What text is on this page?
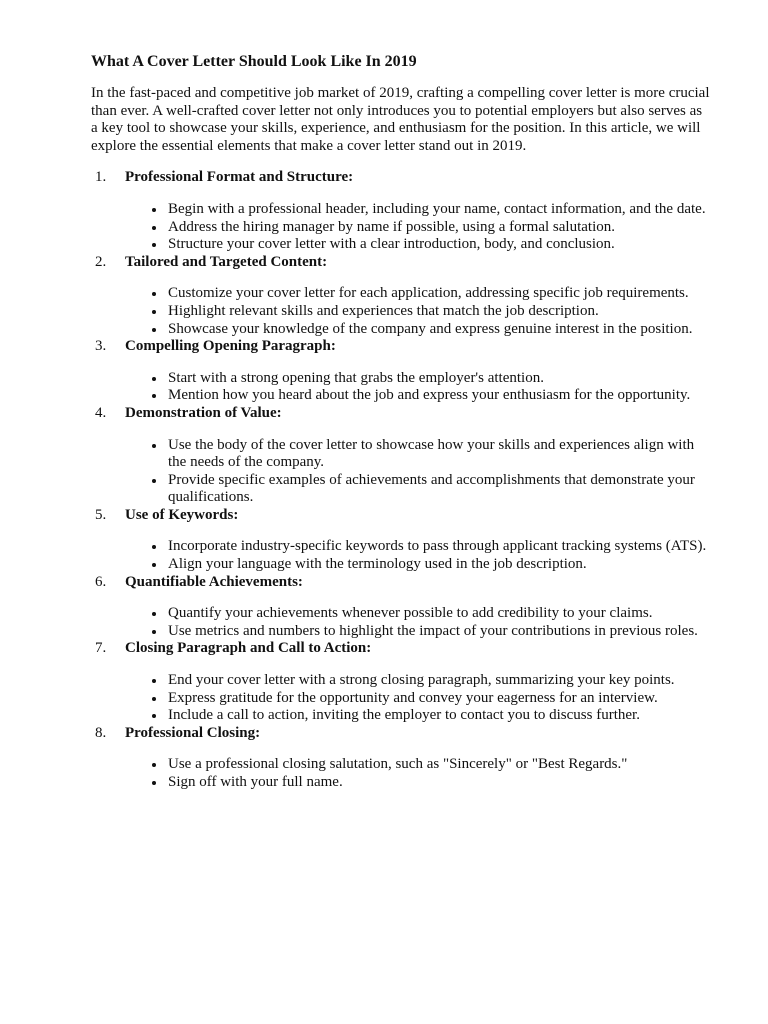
What A Cover Letter Should Look Like In 2019

In the fast-paced and competitive job market of 2019, crafting a compelling cover letter is more crucial than ever. A well-crafted cover letter not only introduces you to potential employers but also serves as a key tool to showcase your skills, experience, and enthusiasm for the position. In this article, we will explore the essential elements that make a cover letter stand out in 2019.

1. Professional Format and Structure:
• Begin with a professional header, including your name, contact information, and the date.
• Address the hiring manager by name if possible, using a formal salutation.
• Structure your cover letter with a clear introduction, body, and conclusion.
2. Tailored and Targeted Content:
• Customize your cover letter for each application, addressing specific job requirements.
• Highlight relevant skills and experiences that match the job description.
• Showcase your knowledge of the company and express genuine interest in the position.
3. Compelling Opening Paragraph:
• Start with a strong opening that grabs the employer's attention.
• Mention how you heard about the job and express your enthusiasm for the opportunity.
4. Demonstration of Value:
• Use the body of the cover letter to showcase how your skills and experiences align with the needs of the company.
• Provide specific examples of achievements and accomplishments that demonstrate your qualifications.
5. Use of Keywords:
• Incorporate industry-specific keywords to pass through applicant tracking systems (ATS).
• Align your language with the terminology used in the job description.
6. Quantifiable Achievements:
• Quantify your achievements whenever possible to add credibility to your claims.
• Use metrics and numbers to highlight the impact of your contributions in previous roles.
7. Closing Paragraph and Call to Action:
• End your cover letter with a strong closing paragraph, summarizing your key points.
• Express gratitude for the opportunity and convey your eagerness for an interview.
• Include a call to action, inviting the employer to contact you to discuss further.
8. Professional Closing:
• Use a professional closing salutation, such as "Sincerely" or "Best Regards."
• Sign off with your full name.
